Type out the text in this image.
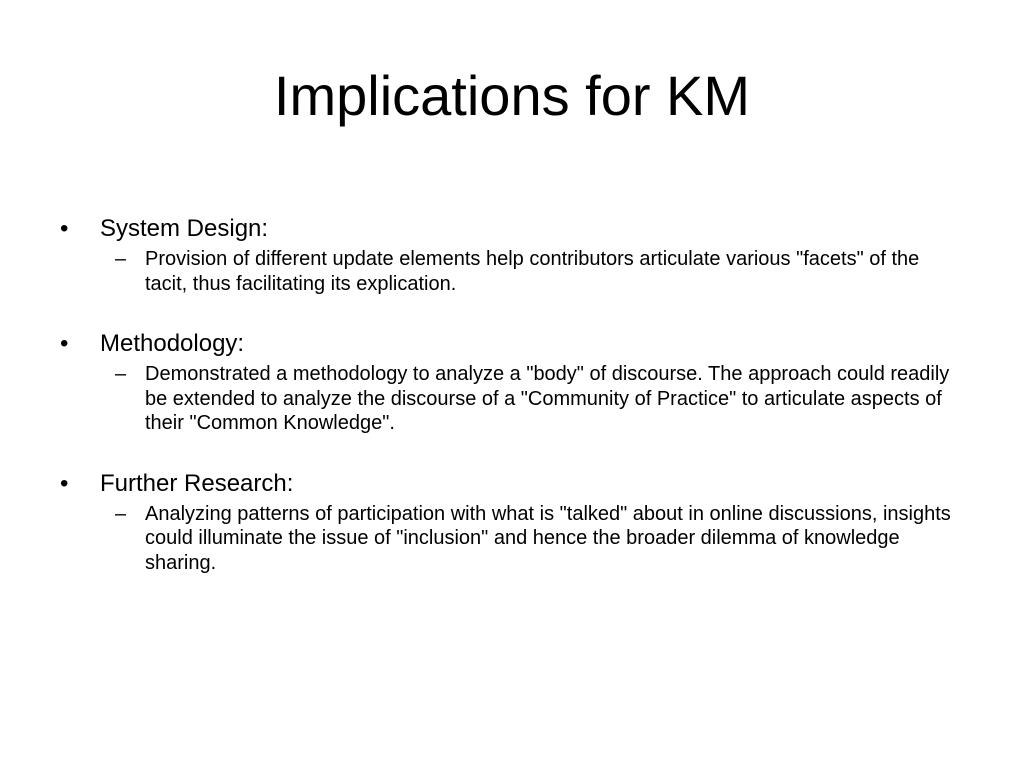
Implications for KM
•	System Design:
– Provision of different update elements help contributors articulate various "facets" of the tacit, thus facilitating its explication.
•	Methodology:
– Demonstrated a methodology to analyze a "body" of discourse. The approach could readily be extended to analyze the discourse of a "Community of Practice" to articulate aspects of their "Common Knowledge".
•	Further Research:
– Analyzing patterns of participation with what is "talked" about in online discussions, insights could illuminate the issue of "inclusion" and hence the broader dilemma of knowledge sharing.
